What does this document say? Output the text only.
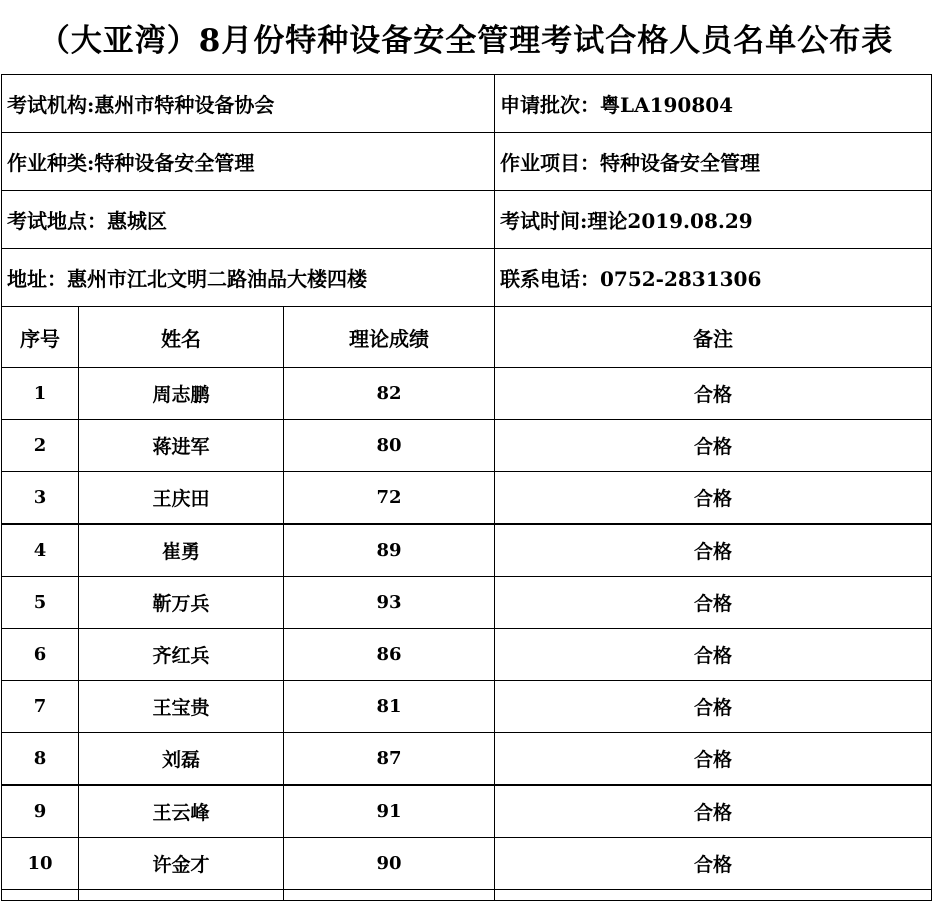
（大亚湾）8月份特种设备安全管理考试合格人员名单公布表
考试机构:惠州市特种设备协会			申请批次：粤LA190804
作业种类:特种设备安全管理			作业项目：特种设备安全管理
考试地点：惠城区			考试时间:理论2019.08.29
地址：惠州市江北文明二路油品大楼四楼			联系电话：0752-2831306
序号	姓名	理论成绩	备注
1	周志鹏	82	合格
2	蒋进军	80	合格
3	王庆田	72	合格
4	崔勇	89	合格
5	靳万兵	93	合格
6	齐红兵	86	合格
7	王宝贵	81	合格
8	刘磊	87	合格
9	王云峰	91	合格
10	许金才	90	合格
